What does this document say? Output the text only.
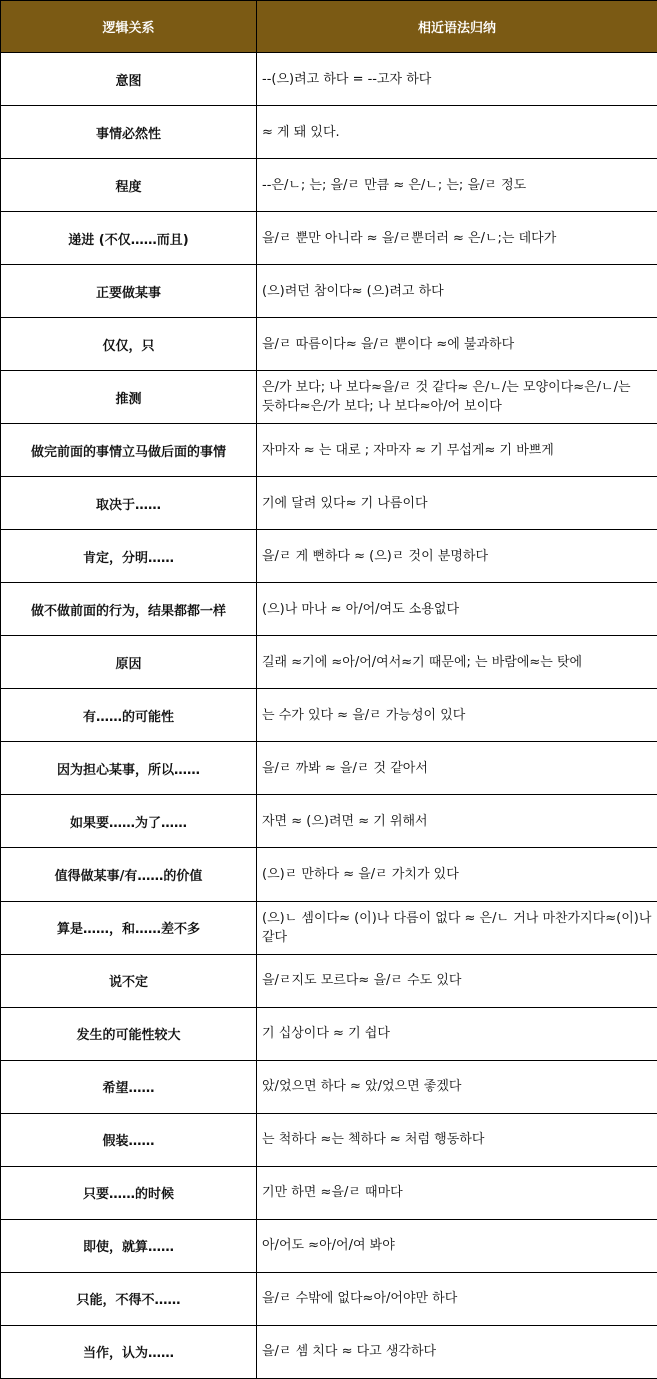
逻辑关系	相近语法归纳
意图	--(으)려고 하다 = --고자 하다
事情必然性	≈ 게 돼 있다.
程度	--은/ㄴ; 는; 을/ㄹ 만큼 ≈ 은/ㄴ; 는; 을/ㄹ 정도
递进 (不仅……而且)	을/ㄹ 뿐만 아니라 ≈ 을/ㄹ뿐더러 ≈ 은/ㄴ;는 데다가
正要做某事	(으)려던 참이다≈ (으)려고 하다
仅仅，只	을/ㄹ 따름이다≈ 을/ㄹ 뿐이다 ≈에 불과하다
推测	은/가 보다; 나 보다≈을/ㄹ 것 같다≈ 은/ㄴ/는 모양이다≈은/ㄴ/는 듯하다≈은/가 보다; 나 보다≈아/어 보이다
做完前面的事情立马做后面的事情	자마자 ≈ 는 대로 ; 자마자 ≈ 기 무섭게≈ 기 바쁘게
取决于……	기에 달려 있다≈ 기 나름이다
肯定，分明……	을/ㄹ 게 뻔하다 ≈ (으)ㄹ 것이 분명하다
做不做前面的行为，结果都都一样	(으)나 마나 ≈ 아/어/여도 소용없다
原因	길래 ≈기에 ≈아/어/여서≈기 때문에; 는 바람에≈는 탓에
有……的可能性	는 수가 있다 ≈ 을/ㄹ 가능성이 있다
因为担心某事，所以……	을/ㄹ 까봐 ≈ 을/ㄹ 것 같아서
如果要……为了……	자면 ≈ (으)려면 ≈ 기 위해서
值得做某事/有……的价值	(으)ㄹ 만하다 ≈ 을/ㄹ 가치가 있다
算是……，和……差不多	(으)ㄴ 셈이다≈ (이)나 다름이 없다 ≈ 은/ㄴ 거나 마찬가지다≈(이)나 같다
说不定	을/ㄹ지도 모르다≈ 을/ㄹ 수도 있다
发生的可能性较大	기 십상이다 ≈ 기 쉽다
希望……	았/었으면 하다 ≈ 았/었으면 좋겠다
假装……	는 척하다 ≈는 첵하다 ≈ 처럼 행동하다
只要……的时候	기만 하면 ≈을/ㄹ 때마다
即使，就算……	아/어도 ≈아/어/여 봐야
只能，不得不……	을/ㄹ 수밖에 없다≈아/어야만 하다
当作，认为……	을/ㄹ 셈 치다 ≈ 다고 생각하다
